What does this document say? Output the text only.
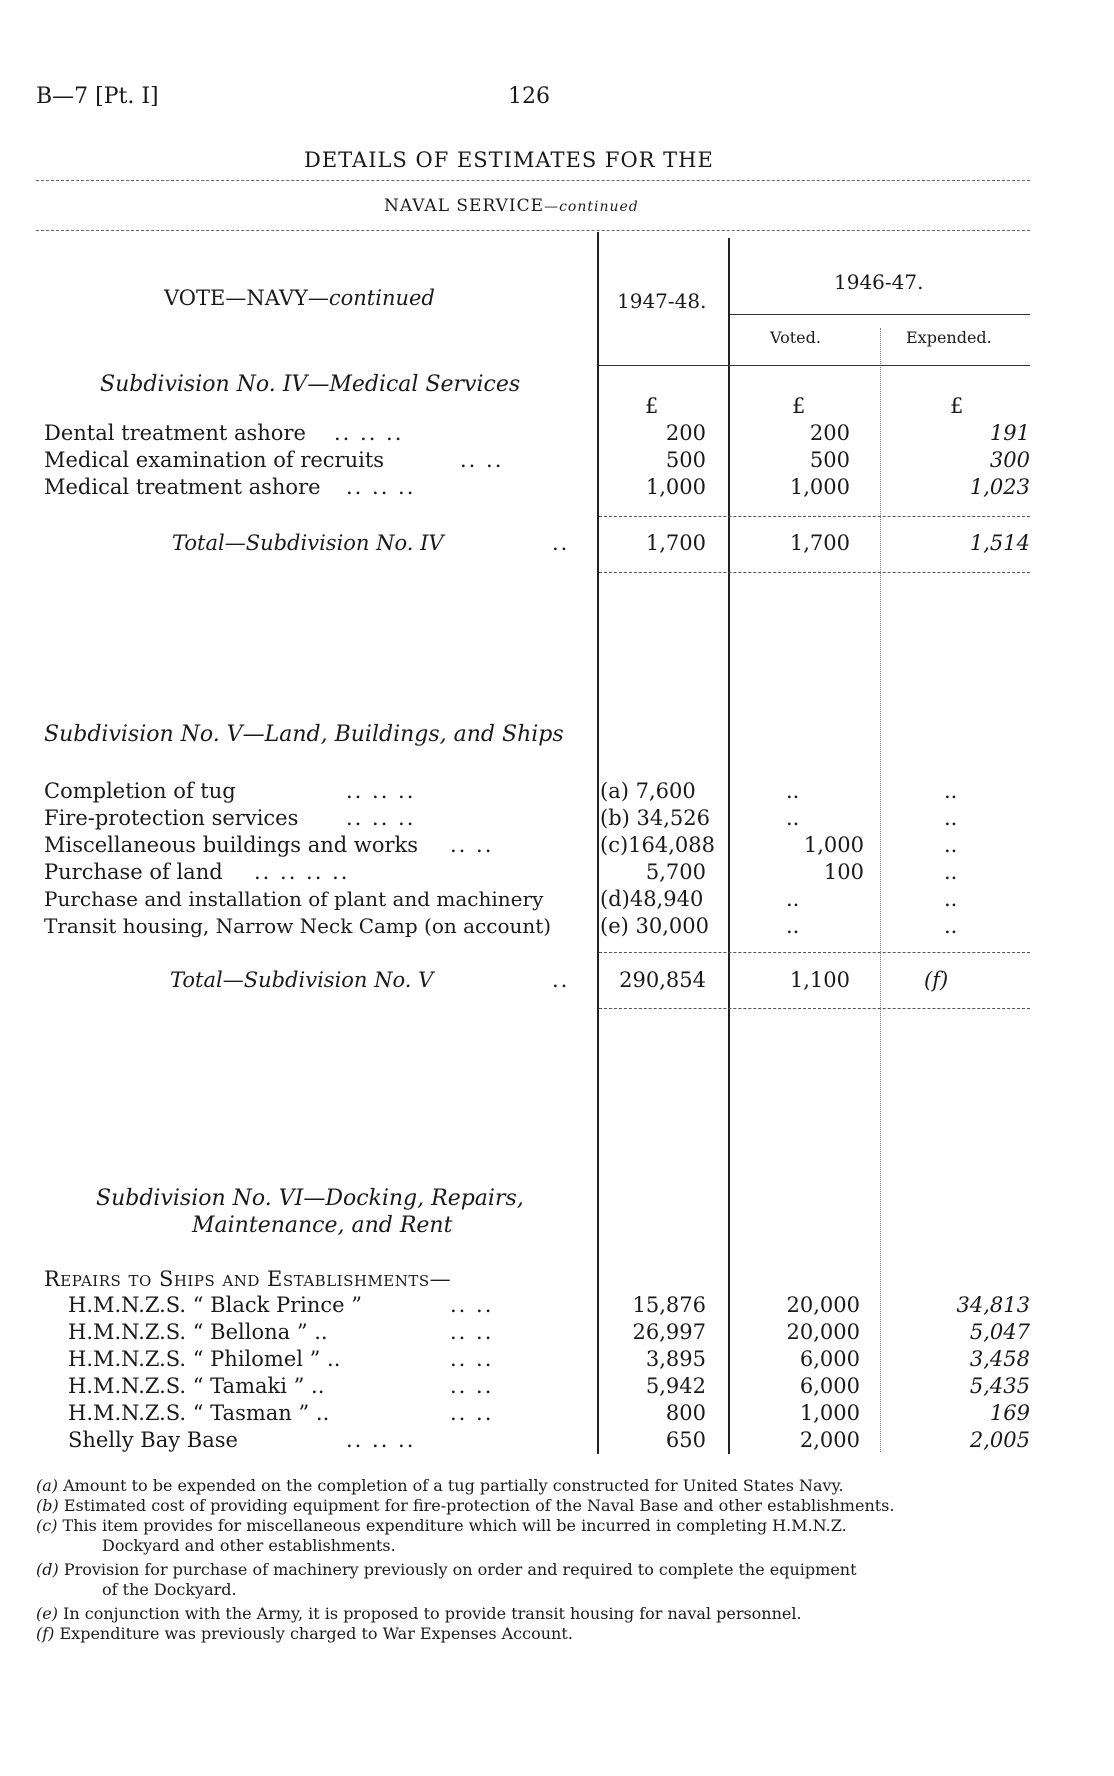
B—7 [Pt. I]	126
DETAILS OF ESTIMATES FOR THE
NAVAL SERVICE—continued
VOTE—NAVY—continued	1947-48.
1946-47.
Voted.	Expended.
Subdivision No. IV—Medical Services
£	£	£
Dental treatment ashore .. .. ..	200	200	191
Medical examination of recruits	.. ..	500	500	300
Medical treatment ashore .. .. ..	1,000	1,000	1,023
Total—Subdivision No. IV	..	1,700	1,700	1,514
Subdivision No. V—Land, Buildings, and Ships
Completion of tug	.. .. ..	(a) 7,600	..	..
Fire-protection services .. .. ..	(b) 34,526	..	..
Miscellaneous buildings and works .. ..	(c)164,088	1,000	..
Purchase of land .. .. .. ..	5,700	100	..
Purchase and installation of plant and machinery	(d)48,940	..	..
Transit housing, Narrow Neck Camp (on account) (e) 30,000	..	..
Total—Subdivision No. V	..	290,854	1,100	(f)
Subdivision No. VI—Docking, Repairs,
Maintenance, and Rent
Repairs to Ships and Establishments—
H.M.N.Z.S. “ Black Prince ”	.. ..	15,876	20,000	34,813
H.M.N.Z.S. “ Bellona ” ..	.. ..	26,997	20,000	5,047
H.M.N.Z.S. “ Philomel ” ..	.. ..	3,895	6,000	3,458
H.M.N.Z.S. “ Tamaki ” ..	.. ..	5,942	6,000	5,435
H.M.N.Z.S. “ Tasman ” ..	.. ..	800	1,000	169
Shelly Bay Base	.. .. ..	650	2,000	2,005
(a) Amount to be expended on the completion of a tug partially constructed for United States Navy.
(b) Estimated cost of providing equipment for fire-protection of the Naval Base and other establishments.
(c) This item provides for miscellaneous expenditure which will be incurred in completing H.M.N.Z.
Dockyard and other establishments.
(d) Provision for purchase of machinery previously on order and required to complete the equipment
of the Dockyard.
(e) In conjunction with the Army, it is proposed to provide transit housing for naval personnel.
(f) Expenditure was previously charged to War Expenses Account.
